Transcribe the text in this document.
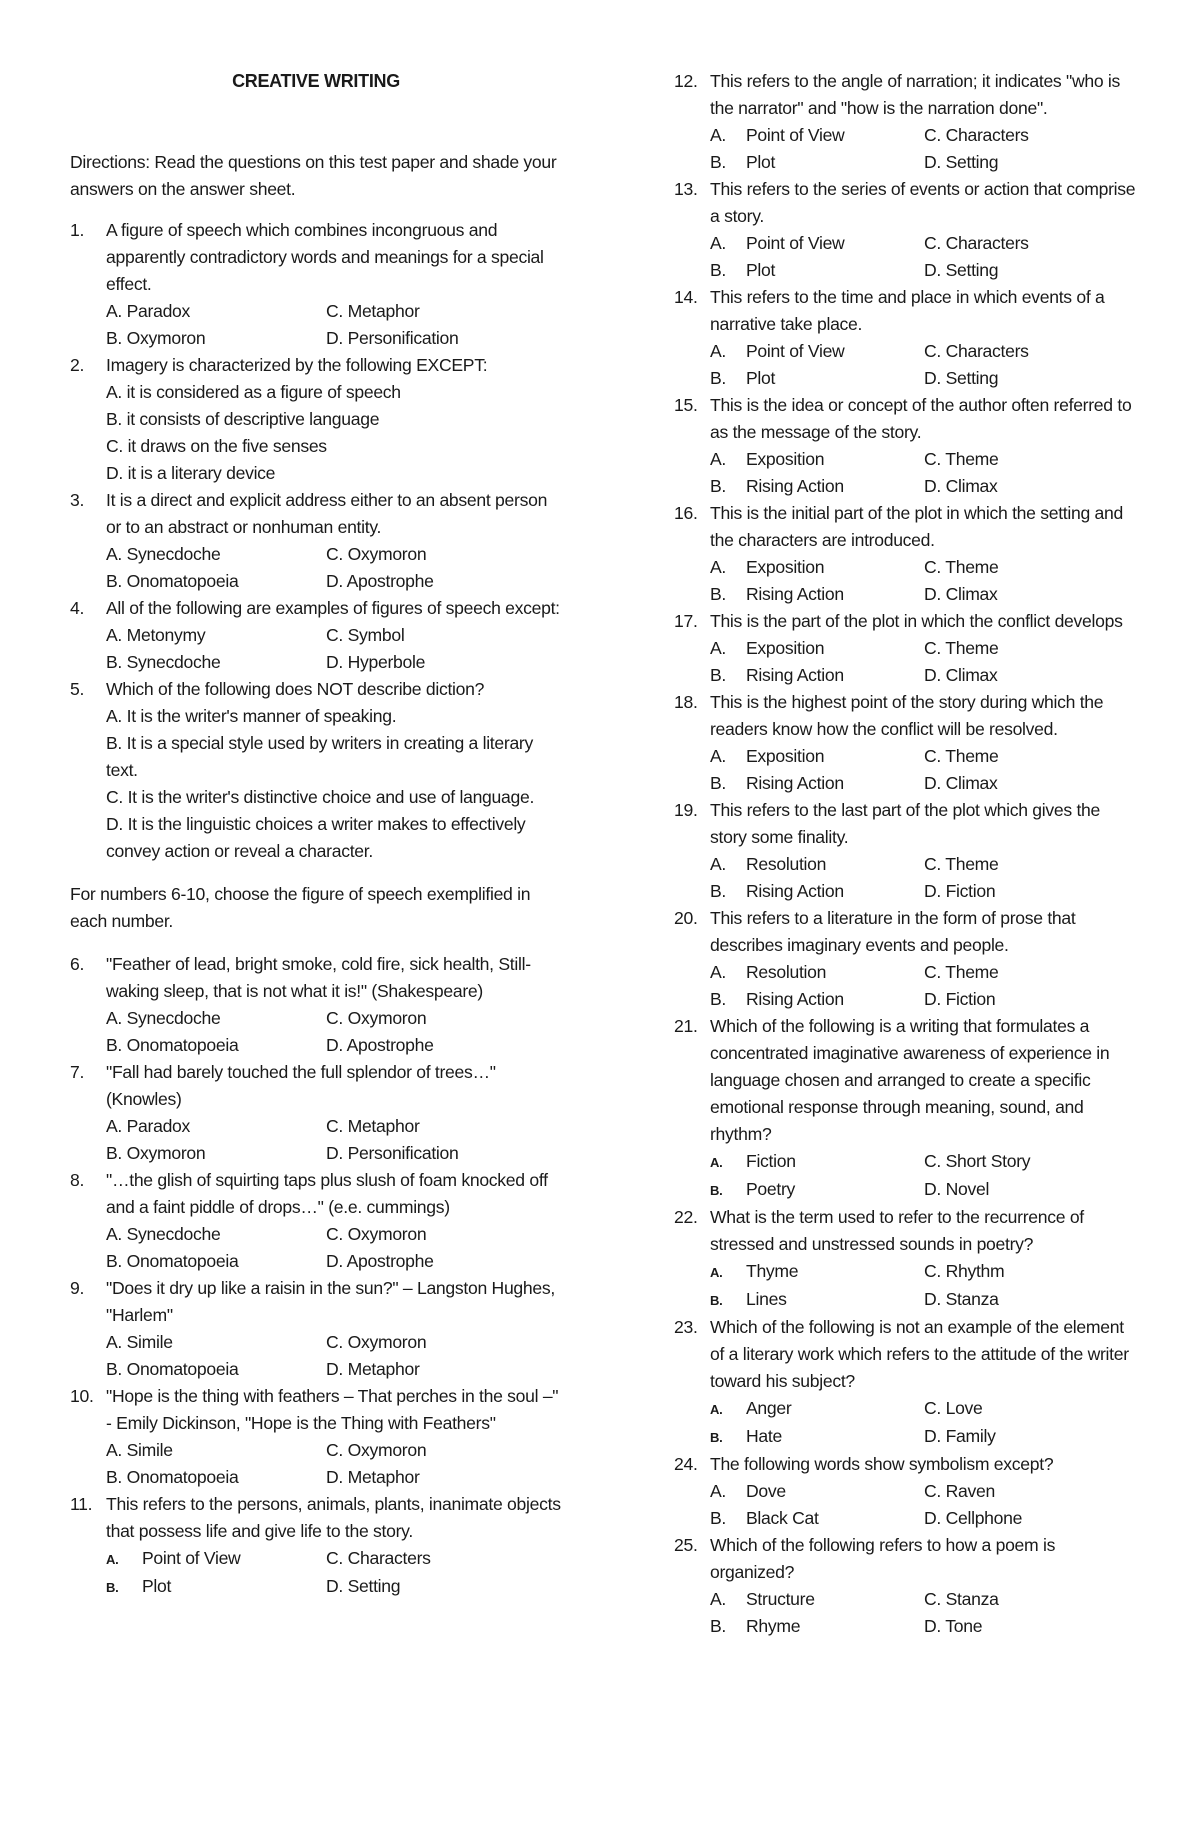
CREATIVE WRITING
Directions: Read the questions on this test paper and shade your answers on the answer sheet.
1.	A figure of speech which combines incongruous and apparently contradictory words and meanings for a special effect.
A. Paradox	C. Metaphor
B. Oxymoron	D. Personification
2.	Imagery is characterized by the following EXCEPT:
A. it is considered as a figure of speech
B. it consists of descriptive language
C. it draws on the five senses
D. it is a literary device
3.	It is a direct and explicit address either to an absent person or to an abstract or nonhuman entity.
A. Synecdoche	C. Oxymoron
B. Onomatopoeia	D. Apostrophe
4.	All of the following are examples of figures of speech except:
A. Metonymy	C. Symbol
B. Synecdoche	D. Hyperbole
5.	Which of the following does NOT describe diction?
A. It is the writer's manner of speaking.
B. It is a special style used by writers in creating a literary text.
C. It is the writer's distinctive choice and use of language.
D. It is the linguistic choices a writer makes to effectively convey action or reveal a character.
For numbers 6-10, choose the figure of speech exemplified in each number.
6.	"Feather of lead, bright smoke, cold fire, sick health, Still-waking sleep, that is not what it is!" (Shakespeare)
A. Synecdoche	C. Oxymoron
B. Onomatopoeia	D. Apostrophe
7.	"Fall had barely touched the full splendor of trees…" (Knowles)
A. Paradox	C. Metaphor
B. Oxymoron	D. Personification
8.	"…the glish of squirting taps plus slush of foam knocked off and a faint piddle of drops…" (e.e. cummings)
A. Synecdoche	C. Oxymoron
B. Onomatopoeia	D. Apostrophe
9.	"Does it dry up like a raisin in the sun?" – Langston Hughes, "Harlem"
A. Simile	C. Oxymoron
B. Onomatopoeia	D. Metaphor
10. "Hope is the thing with feathers – That perches in the soul –" - Emily Dickinson, "Hope is the Thing with Feathers"
A. Simile	C. Oxymoron
B. Onomatopoeia	D. Metaphor
11. This refers to the persons, animals, plants, inanimate objects that possess life and give life to the story.
A. Point of View	C. Characters
B. Plot	D. Setting
12. This refers to the angle of narration; it indicates "who is the narrator" and "how is the narration done".
A. Point of View	C. Characters
B. Plot	D. Setting
13. This refers to the series of events or action that comprise a story.
A. Point of View	C. Characters
B. Plot	D. Setting
14. This refers to the time and place in which events of a narrative take place.
A. Point of View	C. Characters
B. Plot	D. Setting
15. This is the idea or concept of the author often referred to as the message of the story.
A. Exposition	C. Theme
B. Rising Action	D. Climax
16. This is the initial part of the plot in which the setting and the characters are introduced.
A. Exposition	C. Theme
B. Rising Action	D. Climax
17. This is the part of the plot in which the conflict develops
A. Exposition	C. Theme
B. Rising Action	D. Climax
18. This is the highest point of the story during which the readers know how the conflict will be resolved.
A. Exposition	C. Theme
B. Rising Action	D. Climax
19. This refers to the last part of the plot which gives the story some finality.
A. Resolution	C. Theme
B. Rising Action	D. Fiction
20. This refers to a literature in the form of prose that describes imaginary events and people.
A. Resolution	C. Theme
B. Rising Action	D. Fiction
21. Which of the following is a writing that formulates a concentrated imaginative awareness of experience in language chosen and arranged to create a specific emotional response through meaning, sound, and rhythm?
A. Fiction	C. Short Story
B. Poetry	D. Novel
22. What is the term used to refer to the recurrence of stressed and unstressed sounds in poetry?
A. Thyme	C. Rhythm
B. Lines	D. Stanza
23. Which of the following is not an example of the element of a literary work which refers to the attitude of the writer toward his subject?
A. Anger	C. Love
B. Hate	D. Family
24. The following words show symbolism except?
A. Dove	C. Raven
B. Black Cat	D. Cellphone
25. Which of the following refers to how a poem is organized?
A. Structure	C. Stanza
B. Rhyme	D. Tone
